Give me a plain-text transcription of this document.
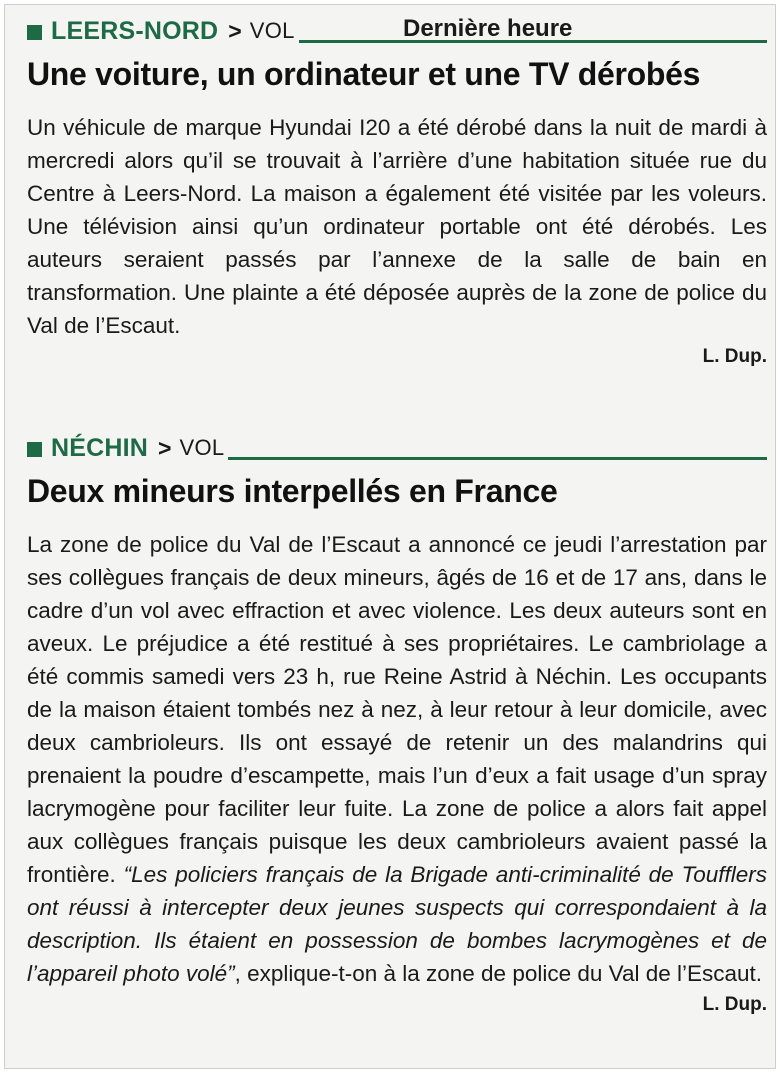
LEERS-NORD > VOL	Dernière heure
Une voiture, un ordinateur et une TV dérobés

Un véhicule de marque Hyundai I20 a été dérobé dans la nuit de mardi à mercredi alors qu’il se trouvait à l’arrière d’une habitation située rue du Centre à Leers-Nord. La maison a également été visitée par les voleurs. Une télévision ainsi qu’un ordinateur portable ont été dérobés. Les auteurs seraient passés par l’annexe de la salle de bain en transformation. Une plainte a été déposée auprès de la zone de police du Val de l’Escaut.

L. Dup.
NÉCHIN > VOL
Deux mineurs interpellés en France

La zone de police du Val de l’Escaut a annoncé ce jeudi l’arrestation par ses collègues français de deux mineurs, âgés de 16 et de 17 ans, dans le cadre d’un vol avec effraction et avec violence. Les deux auteurs sont en aveux. Le préjudice a été restitué à ses propriétaires. Le cambriolage a été commis samedi vers 23 h, rue Reine Astrid à Néchin. Les occupants de la maison étaient tombés nez à nez, à leur retour à leur domicile, avec deux cambrioleurs. Ils ont essayé de retenir un des malandrins qui prenaient la poudre d’escampette, mais l’un d’eux a fait usage d’un spray lacrymogène pour faciliter leur fuite. La zone de police a alors fait appel aux collègues français puisque les deux cambrioleurs avaient passé la frontière. “Les policiers français de la Brigade anti-criminalité de Toufflers ont réussi à intercepter deux jeunes suspects qui correspondaient à la description. Ils étaient en possession de bombes lacrymogènes et de l’appareil photo volé”, explique-t-on à la zone de police du Val de l’Escaut.

L. Dup.
